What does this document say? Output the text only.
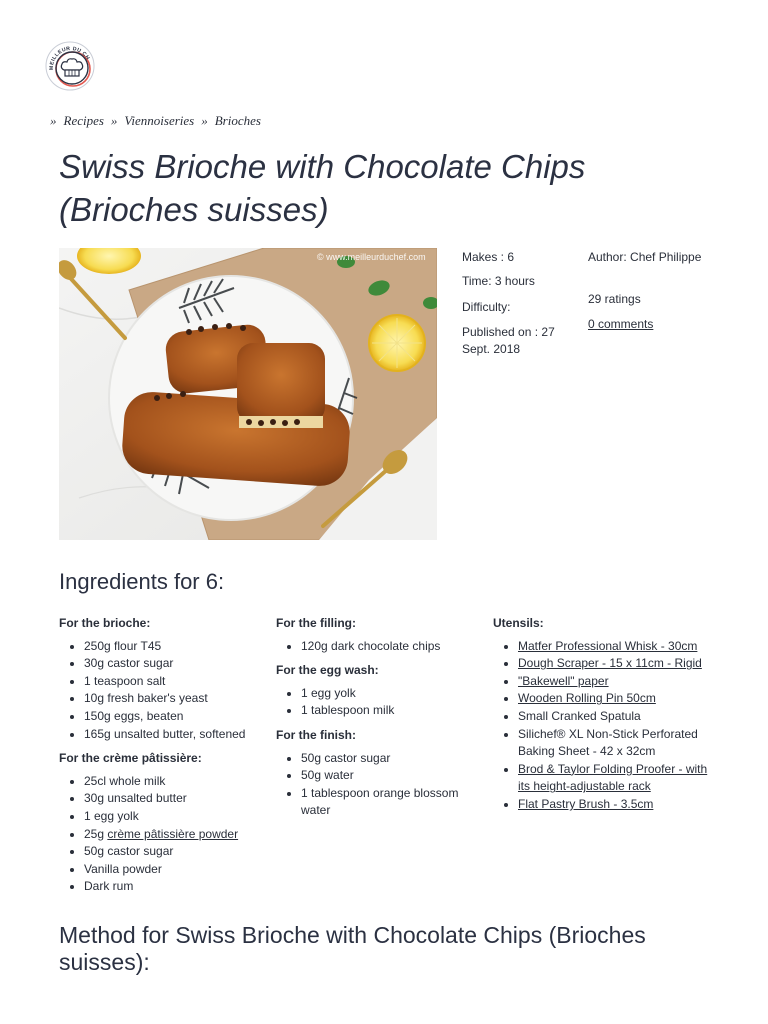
MEILLEUR DU CH
» Recipes » Viennoiseries » Brioches
Swiss Brioche with Chocolate Chips (Brioches suisses)
© www.meilleurduchef.com	Makes : 6
Time: 3 hours
Difficulty:
Published on : 27 Sept. 2018
Author: Chef Philippe
29 ratings
0 comments
Ingredients for 6:
For the brioche:
• 250g flour T45
• 30g castor sugar
• 1 teaspoon salt
• 10g fresh baker's yeast
• 150g eggs, beaten
• 165g unsalted butter, softened
For the crème pâtissière:
• 25cl whole milk
• 30g unsalted butter
• 1 egg yolk
• 25g crème pâtissière powder
• 50g castor sugar
• Vanilla powder
• Dark rum
For the filling:
• 120g dark chocolate chips
For the egg wash:
• 1 egg yolk
• 1 tablespoon milk
For the finish:
• 50g castor sugar
• 50g water
• 1 tablespoon orange blossom water
Utensils:
• Matfer Professional Whisk - 30cm
• Dough Scraper - 15 x 11cm - Rigid
• "Bakewell" paper
• Wooden Rolling Pin 50cm
• Small Cranked Spatula
• Silichef® XL Non-Stick Perforated Baking Sheet - 42 x 32cm
• Brod & Taylor Folding Proofer - with its height-adjustable rack
• Flat Pastry Brush - 3.5cm
Method for Swiss Brioche with Chocolate Chips (Brioches suisses):
